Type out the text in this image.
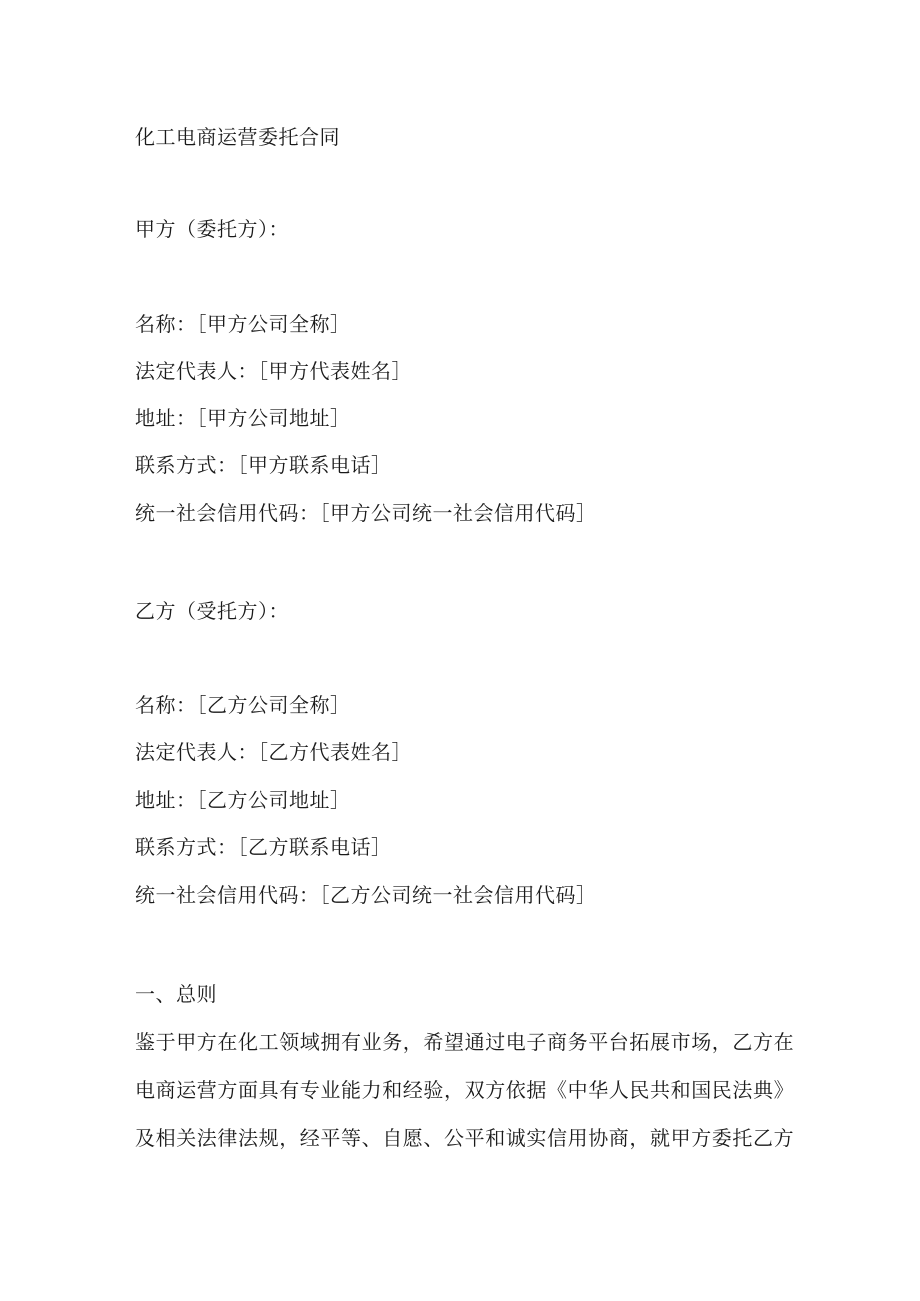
化工电商运营委托合同
甲方（委托方）：
名称：［甲方公司全称］
法定代表人：［甲方代表姓名］
地址：［甲方公司地址］
联系方式：［甲方联系电话］
统一社会信用代码：［甲方公司统一社会信用代码］
乙方（受托方）：
名称：［乙方公司全称］
法定代表人：［乙方代表姓名］
地址：［乙方公司地址］
联系方式：［乙方联系电话］
统一社会信用代码：［乙方公司统一社会信用代码］
一、总则
鉴于甲方在化工领域拥有业务，希望通过电子商务平台拓展市场，乙方在
电商运营方面具有专业能力和经验，双方依据《中华人民共和国民法典》
及相关法律法规，经平等、自愿、公平和诚实信用协商，就甲方委托乙方
